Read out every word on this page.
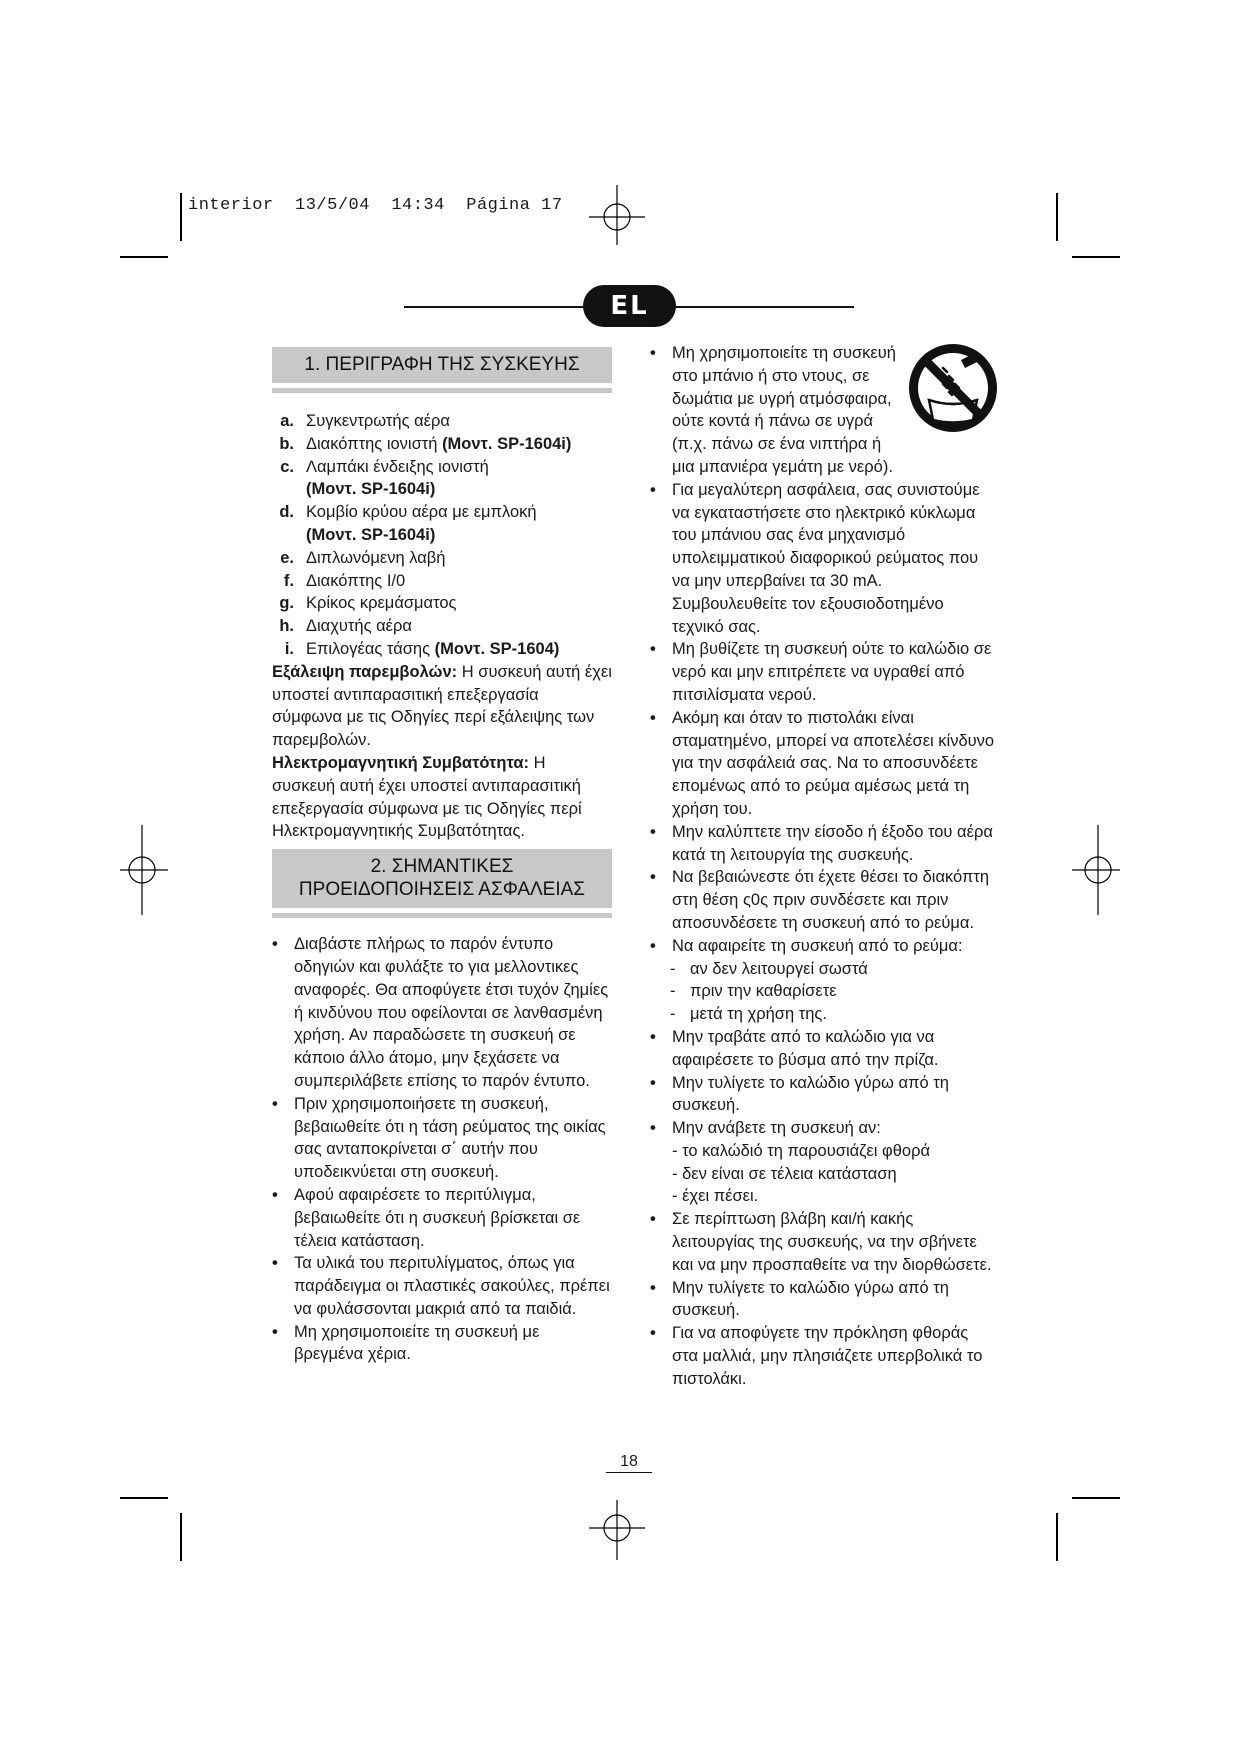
interior  13/5/04  14:34  Página 17
EL
1. ΠΕΡΙΓΡΑΦΗ ΤΗΣ ΣΥΣΚΕΥΗΣ
a. Συγκεντρωτής αέρα
b. Διακόπτης ιονιστή (Μοντ. SP-1604i)
c. Λαμπάκι ένδειξης ιονιστή
(Μοντ. SP-1604i)
d. Κομβίο κρύου αέρα με εμπλοκή
(Μοντ. SP-1604i)
e. Διπλωνόμενη λαβή
f. Διακόπτης I/0
g. Κρίκος κρεμάσματος
h. Διαχυτής αέρα
i. Επιλογέας τάσης (Μοντ. SP-1604)
Εξάλειψη παρεμβολών: Η συσκευή αυτή έχει υποστεί αντιπαρασιτική επεξεργασία σύμφωνα με τις Οδηγίες περί εξάλειψης των παρεμβολών.
Ηλεκτρομαγνητική Συμβατότητα: Η συσκευή αυτή έχει υποστεί αντιπαρασιτική επεξεργασία σύμφωνα με τις Οδηγίες περί Ηλεκτρομαγνητικής Συμβατότητας.
2. ΣΗΜΑΝΤΙΚΕΣ ΠΡΟΕΙΔΟΠΟΙΗΣΕΙΣ ΑΣΦΑΛΕΙΑΣ
• Διαβάστε πλήρως το παρόν έντυπο οδηγιών και φυλάξτε το για μελλοντικες αναφορές. Θα αποφύγετε έτσι τυχόν ζημίες ή κινδύνου που οφείλονται σε λανθασμένη χρήση. Αν παραδώσετε τη συσκευή σε κάποιο άλλο άτομο, μην ξεχάσετε να συμπεριλάβετε επίσης το παρόν έντυπο.
• Πριν χρησιμοποιήσετε τη συσκευή, βεβαιωθείτε ότι η τάση ρεύματος της οικίας σας ανταποκρίνεται σ΄ αυτήν που υποδεικνύεται στη συσκευή.
• Αφού αφαιρέσετε το περιτύλιγμα, βεβαιωθείτε ότι η συσκευή βρίσκεται σε τέλεια κατάσταση.
• Τα υλικά του περιτυλίγματος, όπως για παράδειγμα οι πλαστικές σακούλες, πρέπει να φυλάσσονται μακριά από τα παιδιά.
• Μη χρησιμοποιείτε τη συσκευή με βρεγμένα χέρια.
• Μη χρησιμοποιείτε τη συσκευή στο μπάνιο ή στο ντους, σε δωμάτια με υγρή ατμόσφαιρα, ούτε κοντά ή πάνω σε υγρά (π.χ. πάνω σε ένα νιπτήρα ή μια μπανιέρα γεμάτη με νερό).
• Για μεγαλύτερη ασφάλεια, σας συνιστούμε να εγκαταστήσετε στο ηλεκτρικό κύκλωμα του μπάνιου σας ένα μηχανισμό υπολειμματικού διαφορικού ρεύματος που να μην υπερβαίνει τα 30 mA. Συμβουλευθείτε τον εξουσιοδοτημένο τεχνικό σας.
• Μη βυθίζετε τη συσκευή ούτε το καλώδιο σε νερό και μην επιτρέπετε να υγραθεί από πιτσιλίσματα νερού.
• Ακόμη και όταν το πιστολάκι είναι σταματημένο, μπορεί να αποτελέσει κίνδυνο για την ασφάλειά σας. Να το αποσυνδέετε επομένως από το ρεύμα αμέσως μετά τη χρήση του.
• Μην καλύπτετε την είσοδο ή έξοδο του αέρα κατά τη λειτουργία της συσκευής.
• Να βεβαιώνεστε ότι έχετε θέσει το διακόπτη στη θέση ς0ς πριν συνδέσετε και πριν αποσυνδέσετε τη συσκευή από το ρεύμα.
• Να αφαιρείτε τη συσκευή από το ρεύμα:
- αν δεν λειτουργεί σωστά
- πριν την καθαρίσετε
- μετά τη χρήση της.
• Μην τραβάτε από το καλώδιο για να αφαιρέσετε το βύσμα από την πρίζα.
• Μην τυλίγετε το καλώδιο γύρω από τη συσκευή.
• Μην ανάβετε τη συσκευή αν:
- το καλώδιό τη παρουσιάζει φθορά
- δεν είναι σε τέλεια κατάσταση
- έχει πέσει.
• Σε περίπτωση βλάβη και/ή κακής λειτουργίας της συσκευής, να την σβήνετε και να μην προσπαθείτε να την διορθώσετε.
• Μην τυλίγετε το καλώδιο γύρω από τη συσκευή.
• Για να αποφύγετε την πρόκληση φθοράς στα μαλλιά, μην πλησιάζετε υπερβολικά το πιστολάκι.
18
